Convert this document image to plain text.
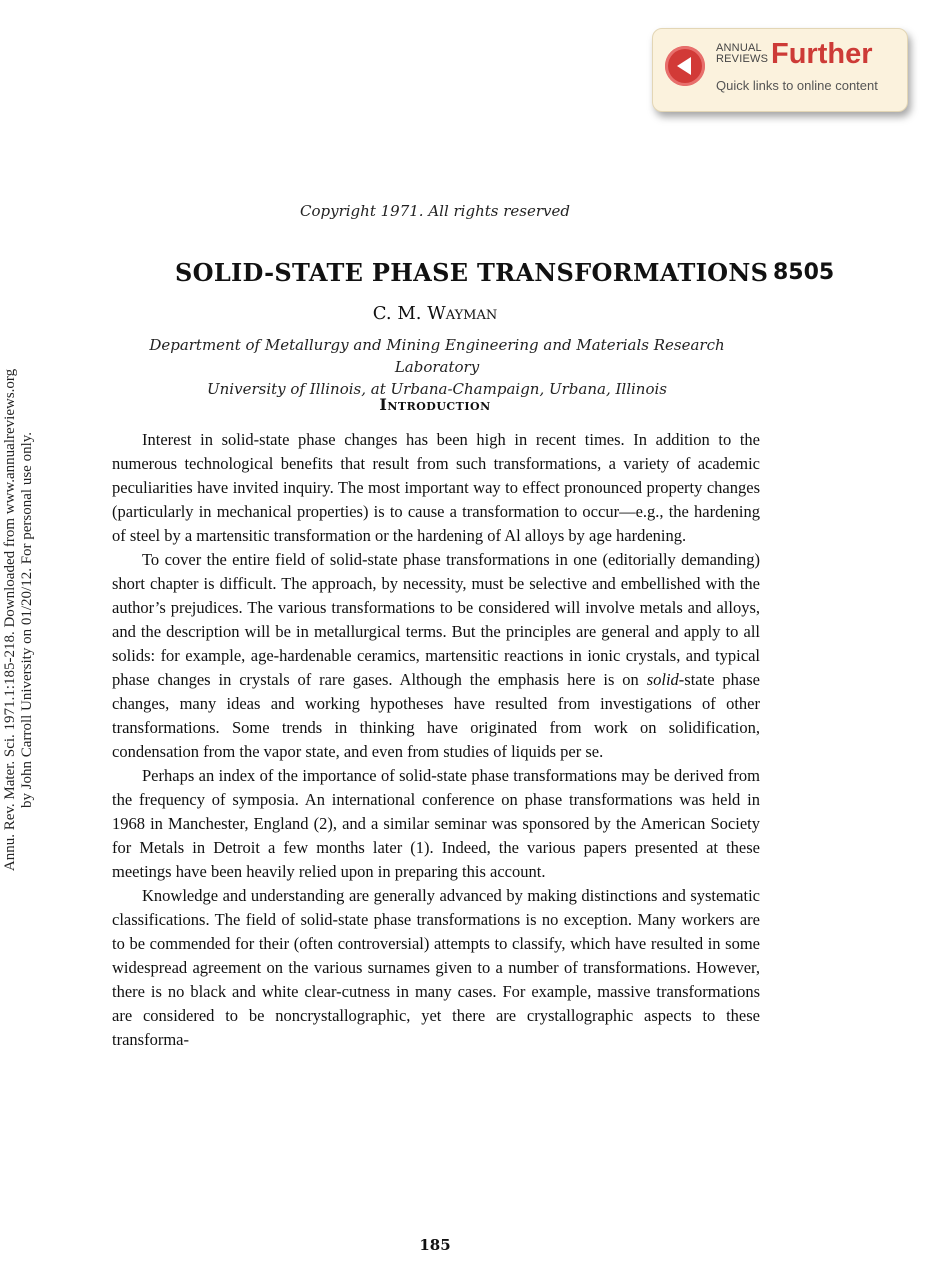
ANNUAL
REVIEWS Further
Quick links to online content
Annu. Rev. Mater. Sci. 1971.1:185-218. Downloaded from www.annualreviews.org by John Carroll University on 01/20/12. For personal use only.
Copyright 1971. All rights reserved
SOLID-STATE PHASE TRANSFORMATIONS 8505
C. M. Wayman
Department of Metallurgy and Mining Engineering and Materials Research Laboratory
University of Illinois, at Urbana-Champaign, Urbana, Illinois
Introduction

Interest in solid-state phase changes has been high in recent times. In addition to the numerous technological benefits that result from such transformations, a variety of academic peculiarities have invited inquiry. The most important way to effect pronounced property changes (particularly in mechanical properties) is to cause a transformation to occur—e.g., the hardening of steel by a martensitic transformation or the hardening of Al alloys by age hardening.

To cover the entire field of solid-state phase transformations in one (editorially demanding) short chapter is difficult. The approach, by necessity, must be selective and embellished with the author’s prejudices. The various transformations to be considered will involve metals and alloys, and the description will be in metallurgical terms. But the principles are general and apply to all solids: for example, age-hardenable ceramics, martensitic reactions in ionic crystals, and typical phase changes in crystals of rare gases. Although the emphasis here is on solid-state phase changes, many ideas and working hypotheses have resulted from investigations of other transformations. Some trends in thinking have originated from work on solidification, condensation from the vapor state, and even from studies of liquids per se.

Perhaps an index of the importance of solid-state phase transformations may be derived from the frequency of symposia. An international conference on phase transformations was held in 1968 in Manchester, England (2), and a similar seminar was sponsored by the American Society for Metals in Detroit a few months later (1). Indeed, the various papers presented at these meetings have been heavily relied upon in preparing this account.

Knowledge and understanding are generally advanced by making distinctions and systematic classifications. The field of solid-state phase transformations is no exception. Many workers are to be commended for their (often controversial) attempts to classify, which have resulted in some widespread agreement on the various surnames given to a number of transformations. However, there is no black and white clear-cutness in many cases. For example, massive transformations are considered to be noncrystallographic, yet there are crystallographic aspects to these transforma-

185
